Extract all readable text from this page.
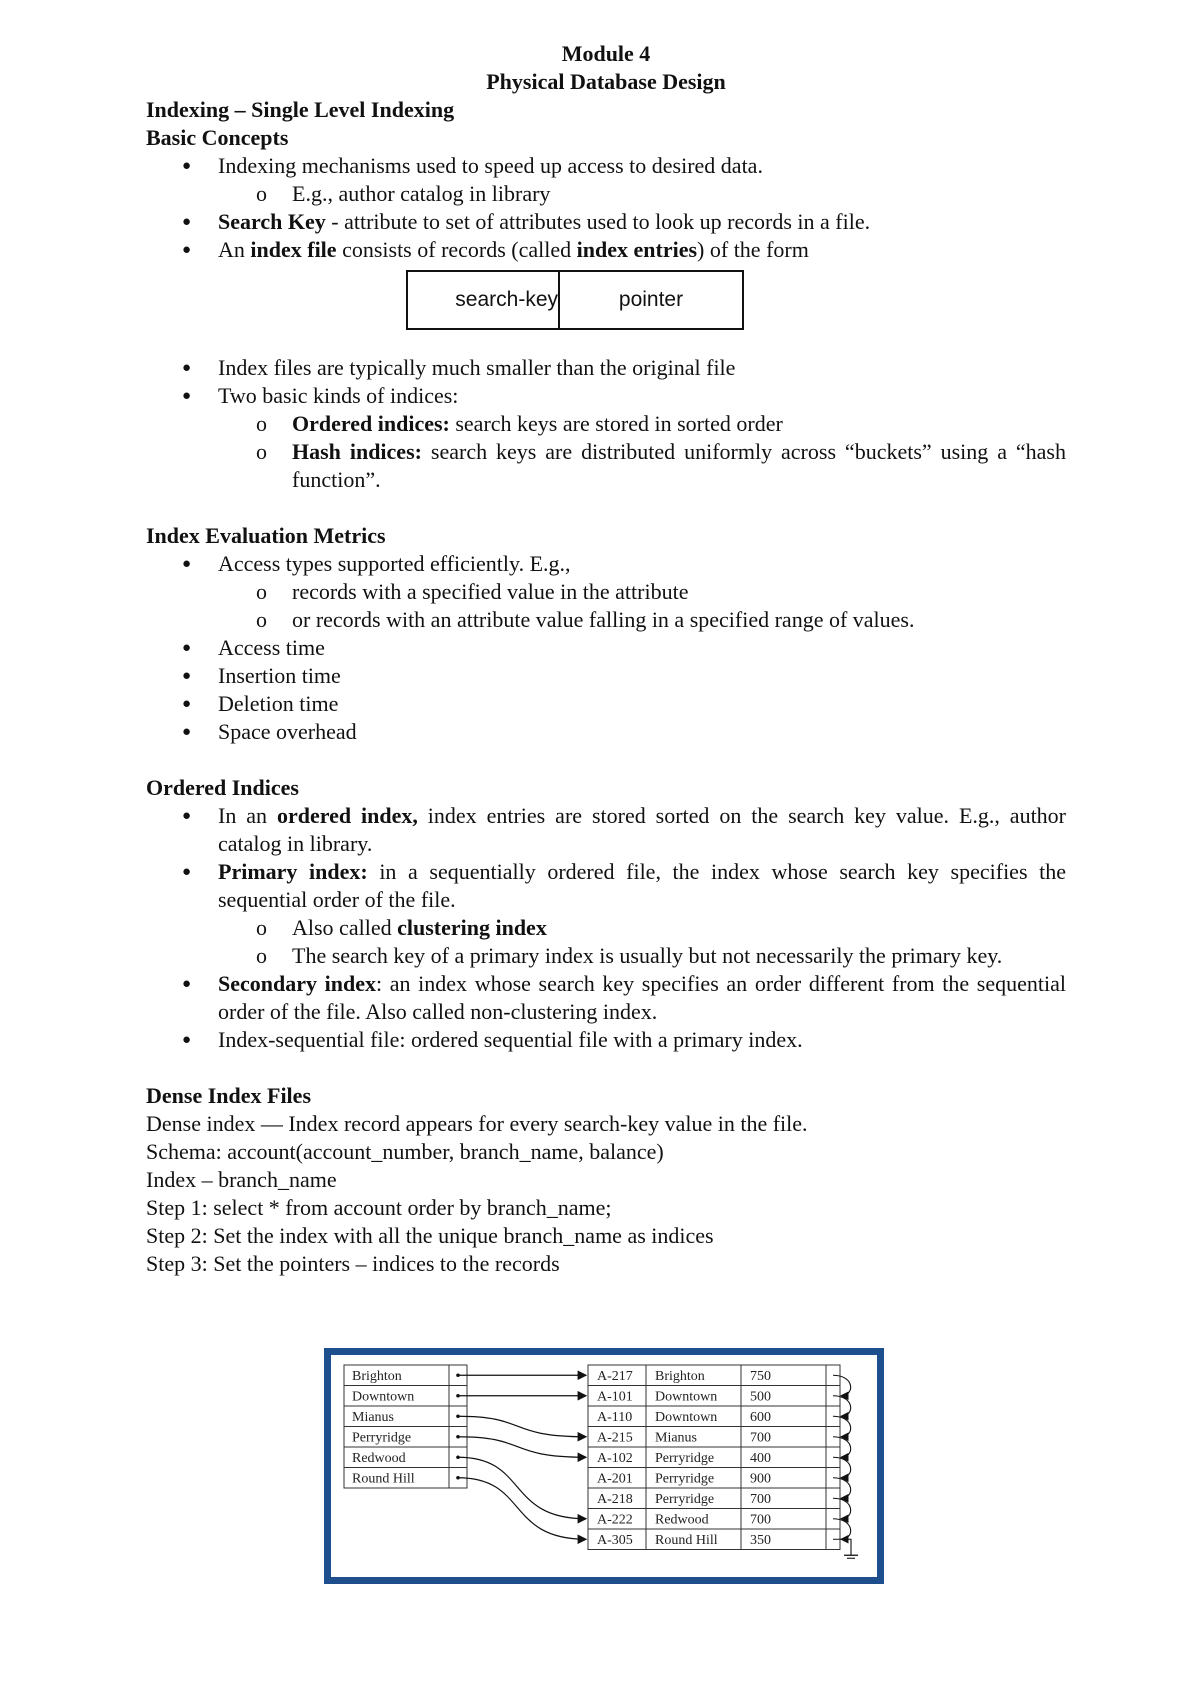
Module 4
Physical Database Design

Indexing – Single Level Indexing

Basic Concepts

● Indexing mechanisms used to speed up access to desired data.
o E.g., author catalog in library
● Search Key - attribute to set of attributes used to look up records in a file.
● An index file consists of records (called index entries) of the form
search-key	pointer
● Index files are typically much smaller than the original file
● Two basic kinds of indices:
o Ordered indices: search keys are stored in sorted order
o Hash indices: search keys are distributed uniformly across “buckets” using a “hash function”.

Index Evaluation Metrics

● Access types supported efficiently. E.g.,
o records with a specified value in the attribute
o or records with an attribute value falling in a specified range of values.
● Access time
● Insertion time
● Deletion time
● Space overhead

Ordered Indices

● In an ordered index, index entries are stored sorted on the search key value. E.g., author catalog in library.
● Primary index: in a sequentially ordered file, the index whose search key specifies the sequential order of the file.
o Also called clustering index
o The search key of a primary index is usually but not necessarily the primary key.
● Secondary index: an index whose search key specifies an order different from the sequential order of the file. Also called non-clustering index.
● Index-sequential file: ordered sequential file with a primary index.

Dense Index Files

Dense index — Index record appears for every search-key value in the file.

Schema: account(account_number, branch_name, balance)

Index – branch_name

Step 1: select * from account order by branch_name;

Step 2: Set the index with all the unique branch_name as indices

Step 3: Set the pointers – indices to the records

Brighton
Downtown
Mianus
Perryridge
Redwood
Round Hill
A-217 Brighton	750
A-101 Downtown 500
A-110 Downtown 600
A-215 Mianus	700
A-102 Perryridge	400
A-201 Perryridge	900
A-218 Perryridge	700
A-222 Redwood	700
A-305 Round Hill 350
